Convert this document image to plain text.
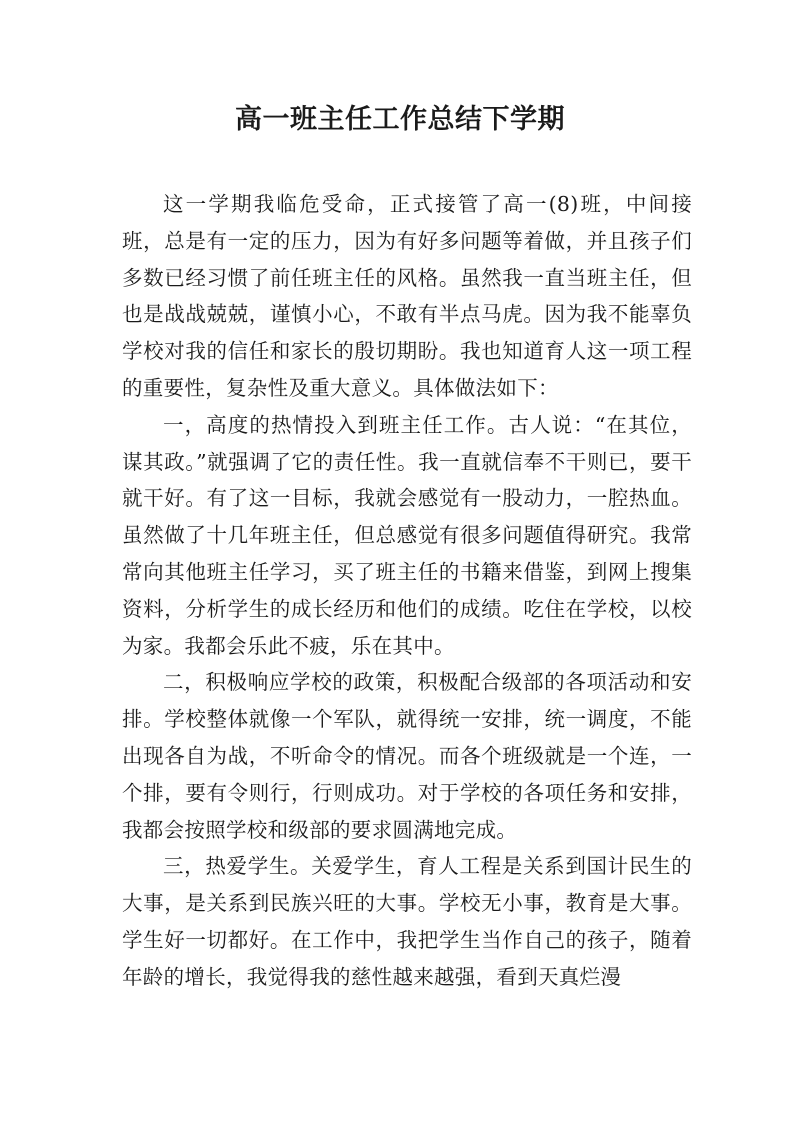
高一班主任工作总结下学期

这一学期我临危受命，正式接管了高一(8)班，中间接班，总是有一定的压力，因为有好多问题等着做，并且孩子们多数已经习惯了前任班主任的风格。虽然我一直当班主任，但也是战战兢兢，谨慎小心，不敢有半点马虎。因为我不能辜负学校对我的信任和家长的殷切期盼。我也知道育人这一项工程的重要性，复杂性及重大意义。具体做法如下：

一，高度的热情投入到班主任工作。古人说：“在其位，谋其政。”就强调了它的责任性。我一直就信奉不干则已，要干就干好。有了这一目标，我就会感觉有一股动力，一腔热血。虽然做了十几年班主任，但总感觉有很多问题值得研究。我常常向其他班主任学习，买了班主任的书籍来借鉴，到网上搜集资料，分析学生的成长经历和他们的成绩。吃住在学校，以校为家。我都会乐此不疲，乐在其中。

二，积极响应学校的政策，积极配合级部的各项活动和安排。学校整体就像一个军队，就得统一安排，统一调度，不能出现各自为战，不听命令的情况。而各个班级就是一个连，一个排，要有令则行，行则成功。对于学校的各项任务和安排，我都会按照学校和级部的要求圆满地完成。

三，热爱学生。关爱学生，育人工程是关系到国计民生的大事，是关系到民族兴旺的大事。学校无小事，教育是大事。学生好一切都好。在工作中，我把学生当作自己的孩子，随着年龄的增长，我觉得我的慈性越来越强，看到天真烂漫
